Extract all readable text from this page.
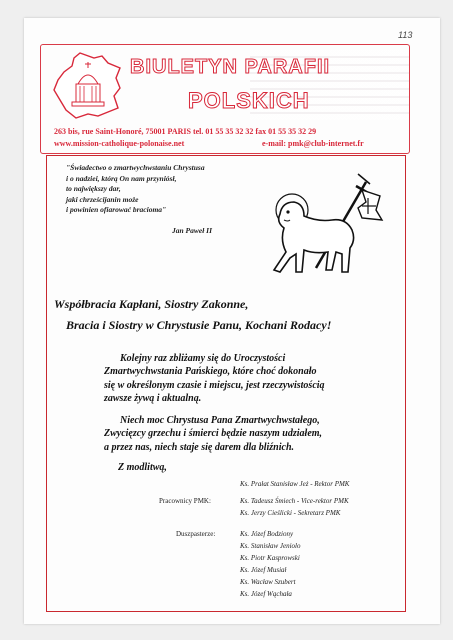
113
BIULETYN PARAFII
POLSKICH
263 bis, rue Saint-Honoré, 75001 PARIS tel. 01 55 35 32 32 fax 01 55 35 32 29
www.mission-catholique-polonaise.net	e-mail: pmk@club-internet.fr
"Świadectwo o zmartwychwstaniu Chrystusa
i o nadziei, którą On nam przyniósł,
to największy dar,
jaki chrześcijanin może
i powinien ofiarować bracioma"
Jan Paweł II
Współbracia Kapłani, Siostry Zakonne,
Bracia i Siostry w Chrystusie Panu, Kochani Rodacy!
Kolejny raz zbliżamy się do Uroczystości
Zmartwychwstania Pańskiego, które choć dokonało
się w określonym czasie i miejscu, jest rzeczywistością
zawsze żywą i aktualną.
Niech moc Chrystusa Pana Zmartwychwstałego,
Zwycięzcy grzechu i śmierci będzie naszym udziałem,
a przez nas, niech staje się darem dla bliźnich.
Z modlitwą,
Ks. Prałat Stanisław Jeż - Rektor PMK
Pracownicy PMK:	Ks. Tadeusz Śmiech - Vice-rektor PMK
Ks. Jerzy Cieślicki - Sekretarz PMK
Duszpasterze:	Ks. Józef Bodziony
Ks. Stanisław Jeniolo
Ks. Piotr Kasprowski
Ks. Józef Musiał
Ks. Wacław Szubert
Ks. Józef Wąchała
